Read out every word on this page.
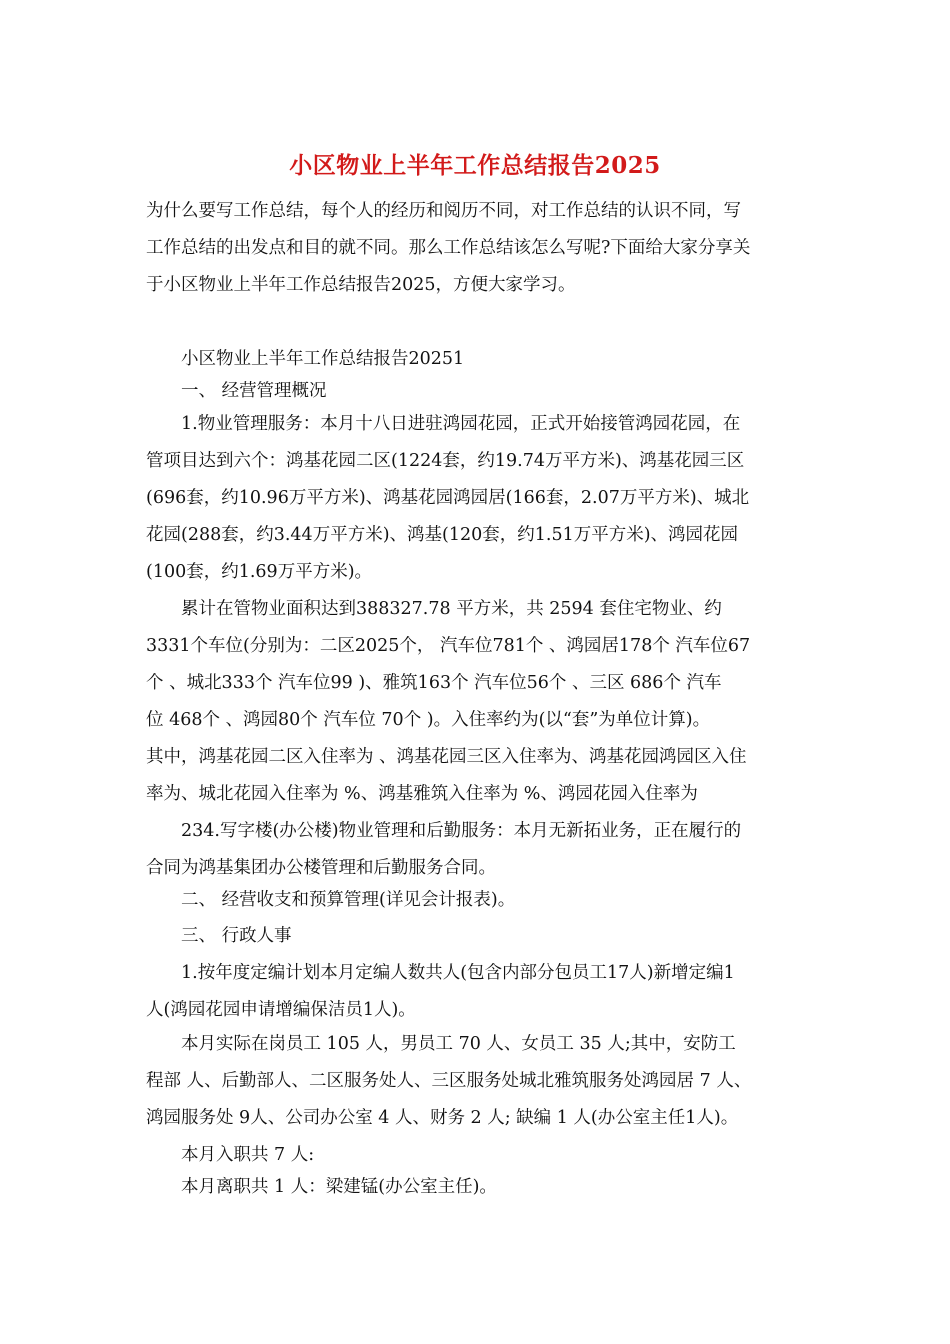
小区物业上半年工作总结报告2025
为什么要写工作总结，每个人的经历和阅历不同，对工作总结的认识不同，写
工作总结的出发点和目的就不同。那么工作总结该怎么写呢?下面给大家分享关
于小区物业上半年工作总结报告2025，方便大家学习。
小区物业上半年工作总结报告20251
一、 经营管理概况
1.物业管理服务：本月十八日进驻鸿园花园，正式开始接管鸿园花园，在
管项目达到六个：鸿基花园二区(1224套，约19.74万平方米)、鸿基花园三区
(696套，约10.96万平方米)、鸿基花园鸿园居(166套，2.07万平方米)、城北
花园(288套，约3.44万平方米)、鸿基(120套，约1.51万平方米)、鸿园花园
(100套，约1.69万平方米)。
累计在管物业面积达到388327.78 平方米，共 2594 套住宅物业、约
3331个车位(分别为：二区2025个， 汽车位781个 、鸿园居178个 汽车位67
个 、城北333个 汽车位99 )、雅筑163个 汽车位56个 、三区 686个 汽车
位 468个 、鸿园80个 汽车位 70个 )。入住率约为(以“套”为单位计算)。
其中，鸿基花园二区入住率为 、鸿基花园三区入住率为、鸿基花园鸿园区入住
率为、城北花园入住率为 %、鸿基雅筑入住率为 %、鸿园花园入住率为
234.写字楼(办公楼)物业管理和后勤服务：本月无新拓业务，正在履行的
合同为鸿基集团办公楼管理和后勤服务合同。
二、 经营收支和预算管理(详见会计报表)。
三、 行政人事
1.按年度定编计划本月定编人数共人(包含内部分包员工17人)新增定编1
人(鸿园花园申请增编保洁员1人)。
本月实际在岗员工 105 人，男员工 70 人、女员工 35 人;其中，安防工
程部 人、后勤部人、二区服务处人、三区服务处城北雅筑服务处鸿园居 7 人、
鸿园服务处 9人、公司办公室 4 人、财务 2 人; 缺编 1 人(办公室主任1人)。
本月入职共 7 人:
本月离职共 1 人：梁建锰(办公室主任)。
